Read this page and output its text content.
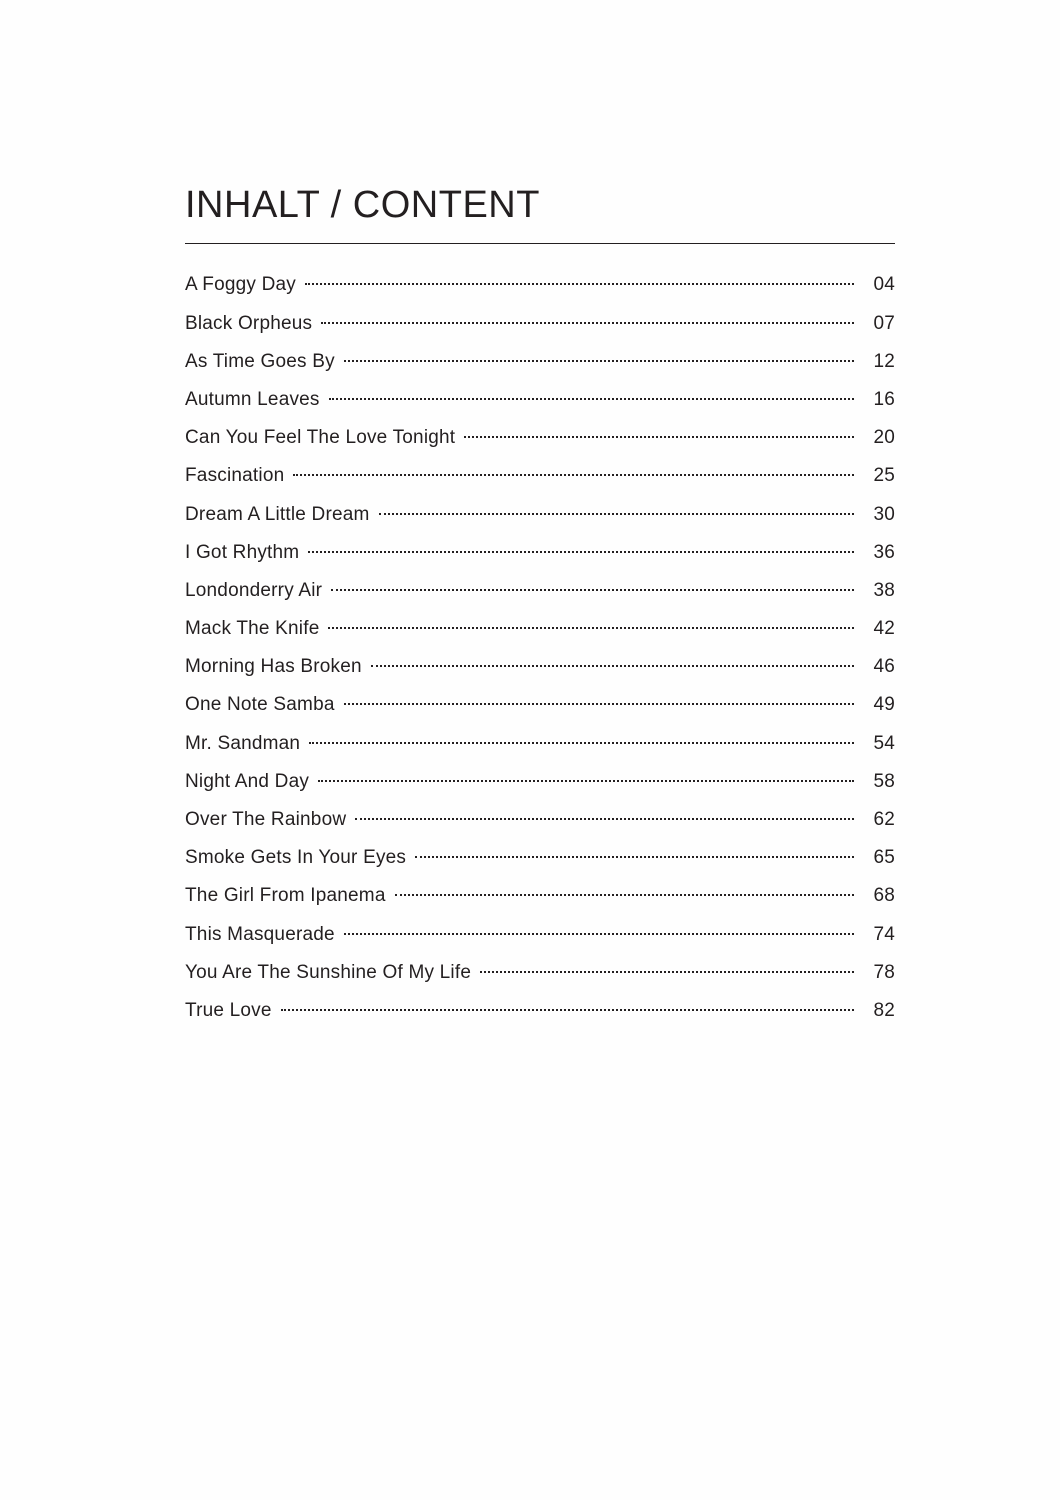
INHALT / CONTENT
A Foggy Day	04
Black Orpheus	07
As Time Goes By	12
Autumn Leaves	16
Can You Feel The Love Tonight	20
Fascination	25
Dream A Little Dream	30
I Got Rhythm	36
Londonderry Air	38
Mack The Knife	42
Morning Has Broken	46
One Note Samba	49
Mr. Sandman	54
Night And Day	58
Over The Rainbow	62
Smoke Gets In Your Eyes	65
The Girl From Ipanema	68
This Masquerade	74
You Are The Sunshine Of My Life	78
True Love	82
